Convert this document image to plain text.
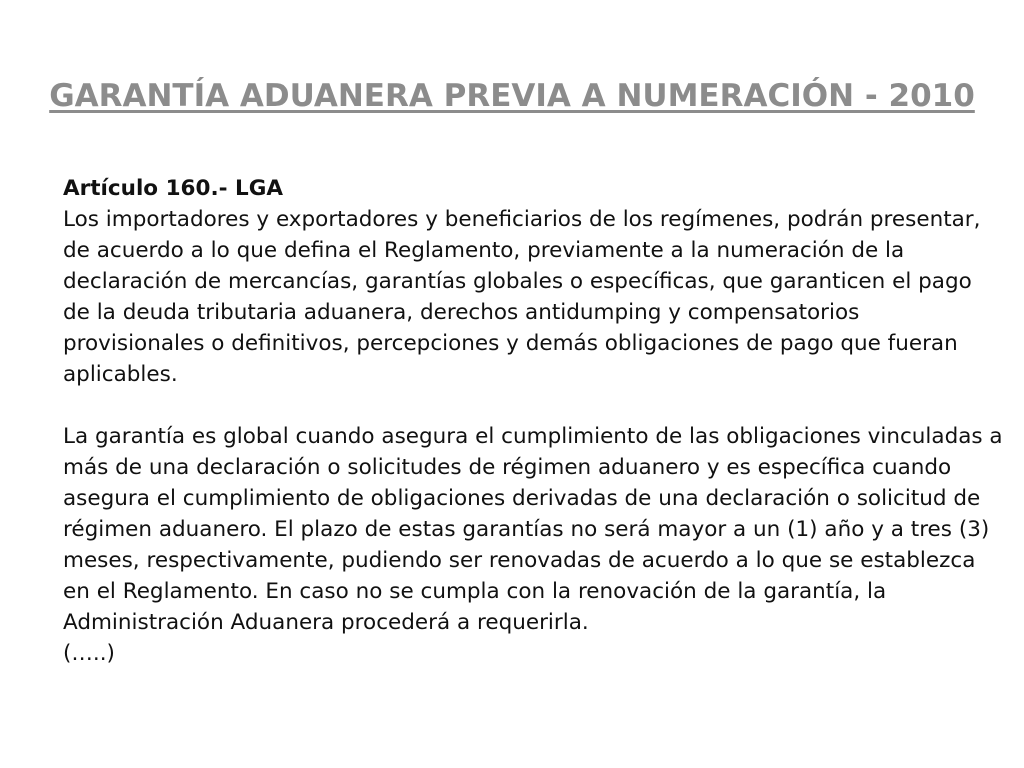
GARANTÍA ADUANERA PREVIA A NUMERACIÓN - 2010

Artículo 160.- LGA

Los importadores y exportadores y beneficiarios de los regímenes, podrán presentar, de acuerdo a lo que defina el Reglamento, previamente a la numeración de la declaración de mercancías, garantías globales o específicas, que garanticen el pago de la deuda tributaria aduanera, derechos antidumping y compensatorios provisionales o definitivos, percepciones y demás obligaciones de pago que fueran aplicables.

La garantía es global cuando asegura el cumplimiento de las obligaciones vinculadas a más de una declaración o solicitudes de régimen aduanero y es específica cuando asegura el cumplimiento de obligaciones derivadas de una declaración o solicitud de régimen aduanero. El plazo de estas garantías no será mayor a un (1) año y a tres (3) meses, respectivamente, pudiendo ser renovadas de acuerdo a lo que se establezca en el Reglamento. En caso no se cumpla con la renovación de la garantía, la Administración Aduanera procederá a requerirla.

(…..)
